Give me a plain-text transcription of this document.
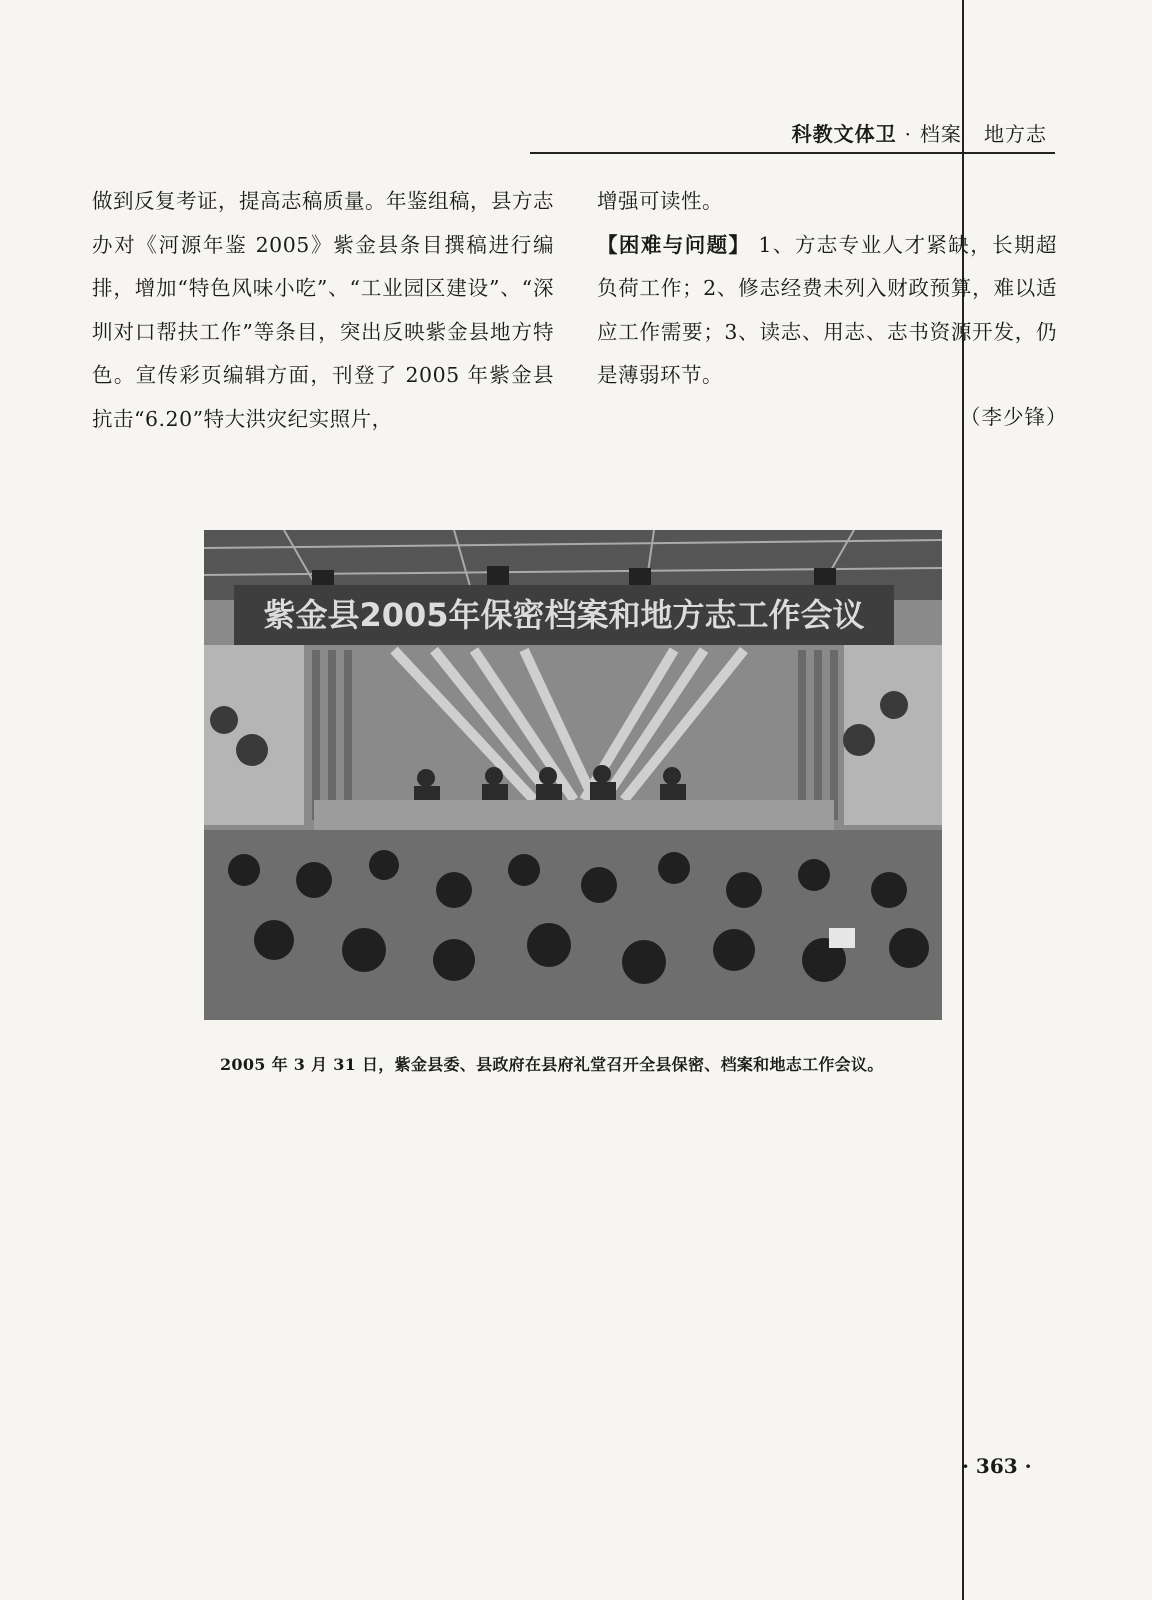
科教文体卫 · 档案   地方志

做到反复考证，提高志稿质量。年鉴组稿，县方志办对《河源年鉴 2005》紫金县条目撰稿进行编排，增加“特色风味小吃”、“工业园区建设”、“深圳对口帮扶工作”等条目，突出反映紫金县地方特色。宣传彩页编辑方面，刊登了 2005 年紫金县抗击“6.20”特大洪灾纪实照片，

增强可读性。

【困难与问题】 1、方志专业人才紧缺，长期超负荷工作；2、修志经费未列入财政预算，难以适应工作需要；3、读志、用志、志书资源开发，仍是薄弱环节。

（李少锋）
紫金县2005年保密档案和地方志工作会议
2005 年 3 月 31 日，紫金县委、县政府在县府礼堂召开全县保密、档案和地志工作会议。
· 363 ·
